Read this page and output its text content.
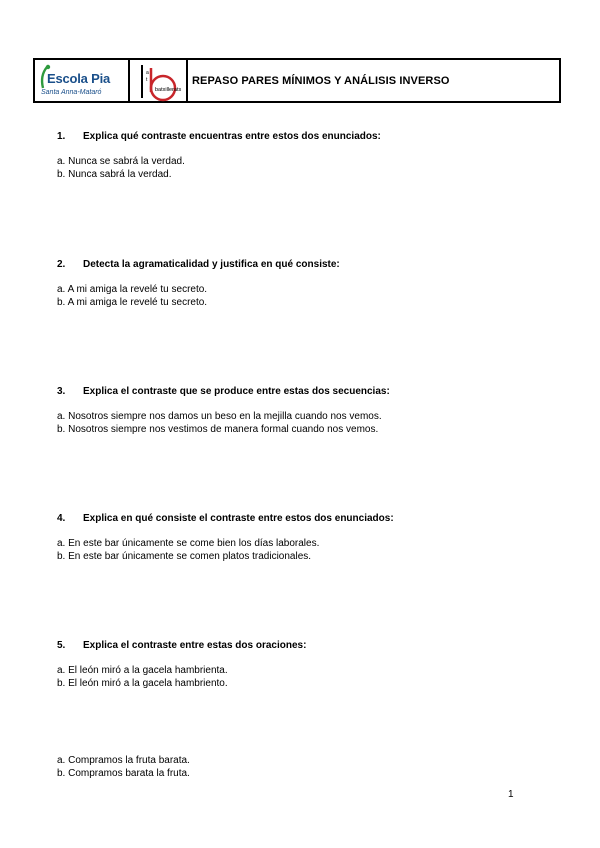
Escola Pia
Santa Anna-Mataró
a
t
batxillerats
REPASO PARES MÍNIMOS Y ANÁLISIS INVERSO
1. Explica qué contraste encuentras entre estos dos enunciados:
a. Nunca se sabrá la verdad.
b. Nunca sabrá la verdad.
2. Detecta la agramaticalidad y justifica en qué consiste:
a. A mi amiga la revelé tu secreto.
b. A mi amiga le revelé tu secreto.
3. Explica el contraste que se produce entre estas dos secuencias:
a. Nosotros siempre nos damos un beso en la mejilla cuando nos vemos.
b. Nosotros siempre nos vestimos de manera formal cuando nos vemos.
4. Explica en qué consiste el contraste entre estos dos enunciados:
a. En este bar únicamente se come bien los días laborales.
b. En este bar únicamente se comen platos tradicionales.
5. Explica el contraste entre estas dos oraciones:
a. El león miró a la gacela hambrienta.
b. El león miró a la gacela hambriento.
a. Compramos la fruta barata.
b. Compramos barata la fruta.
1
